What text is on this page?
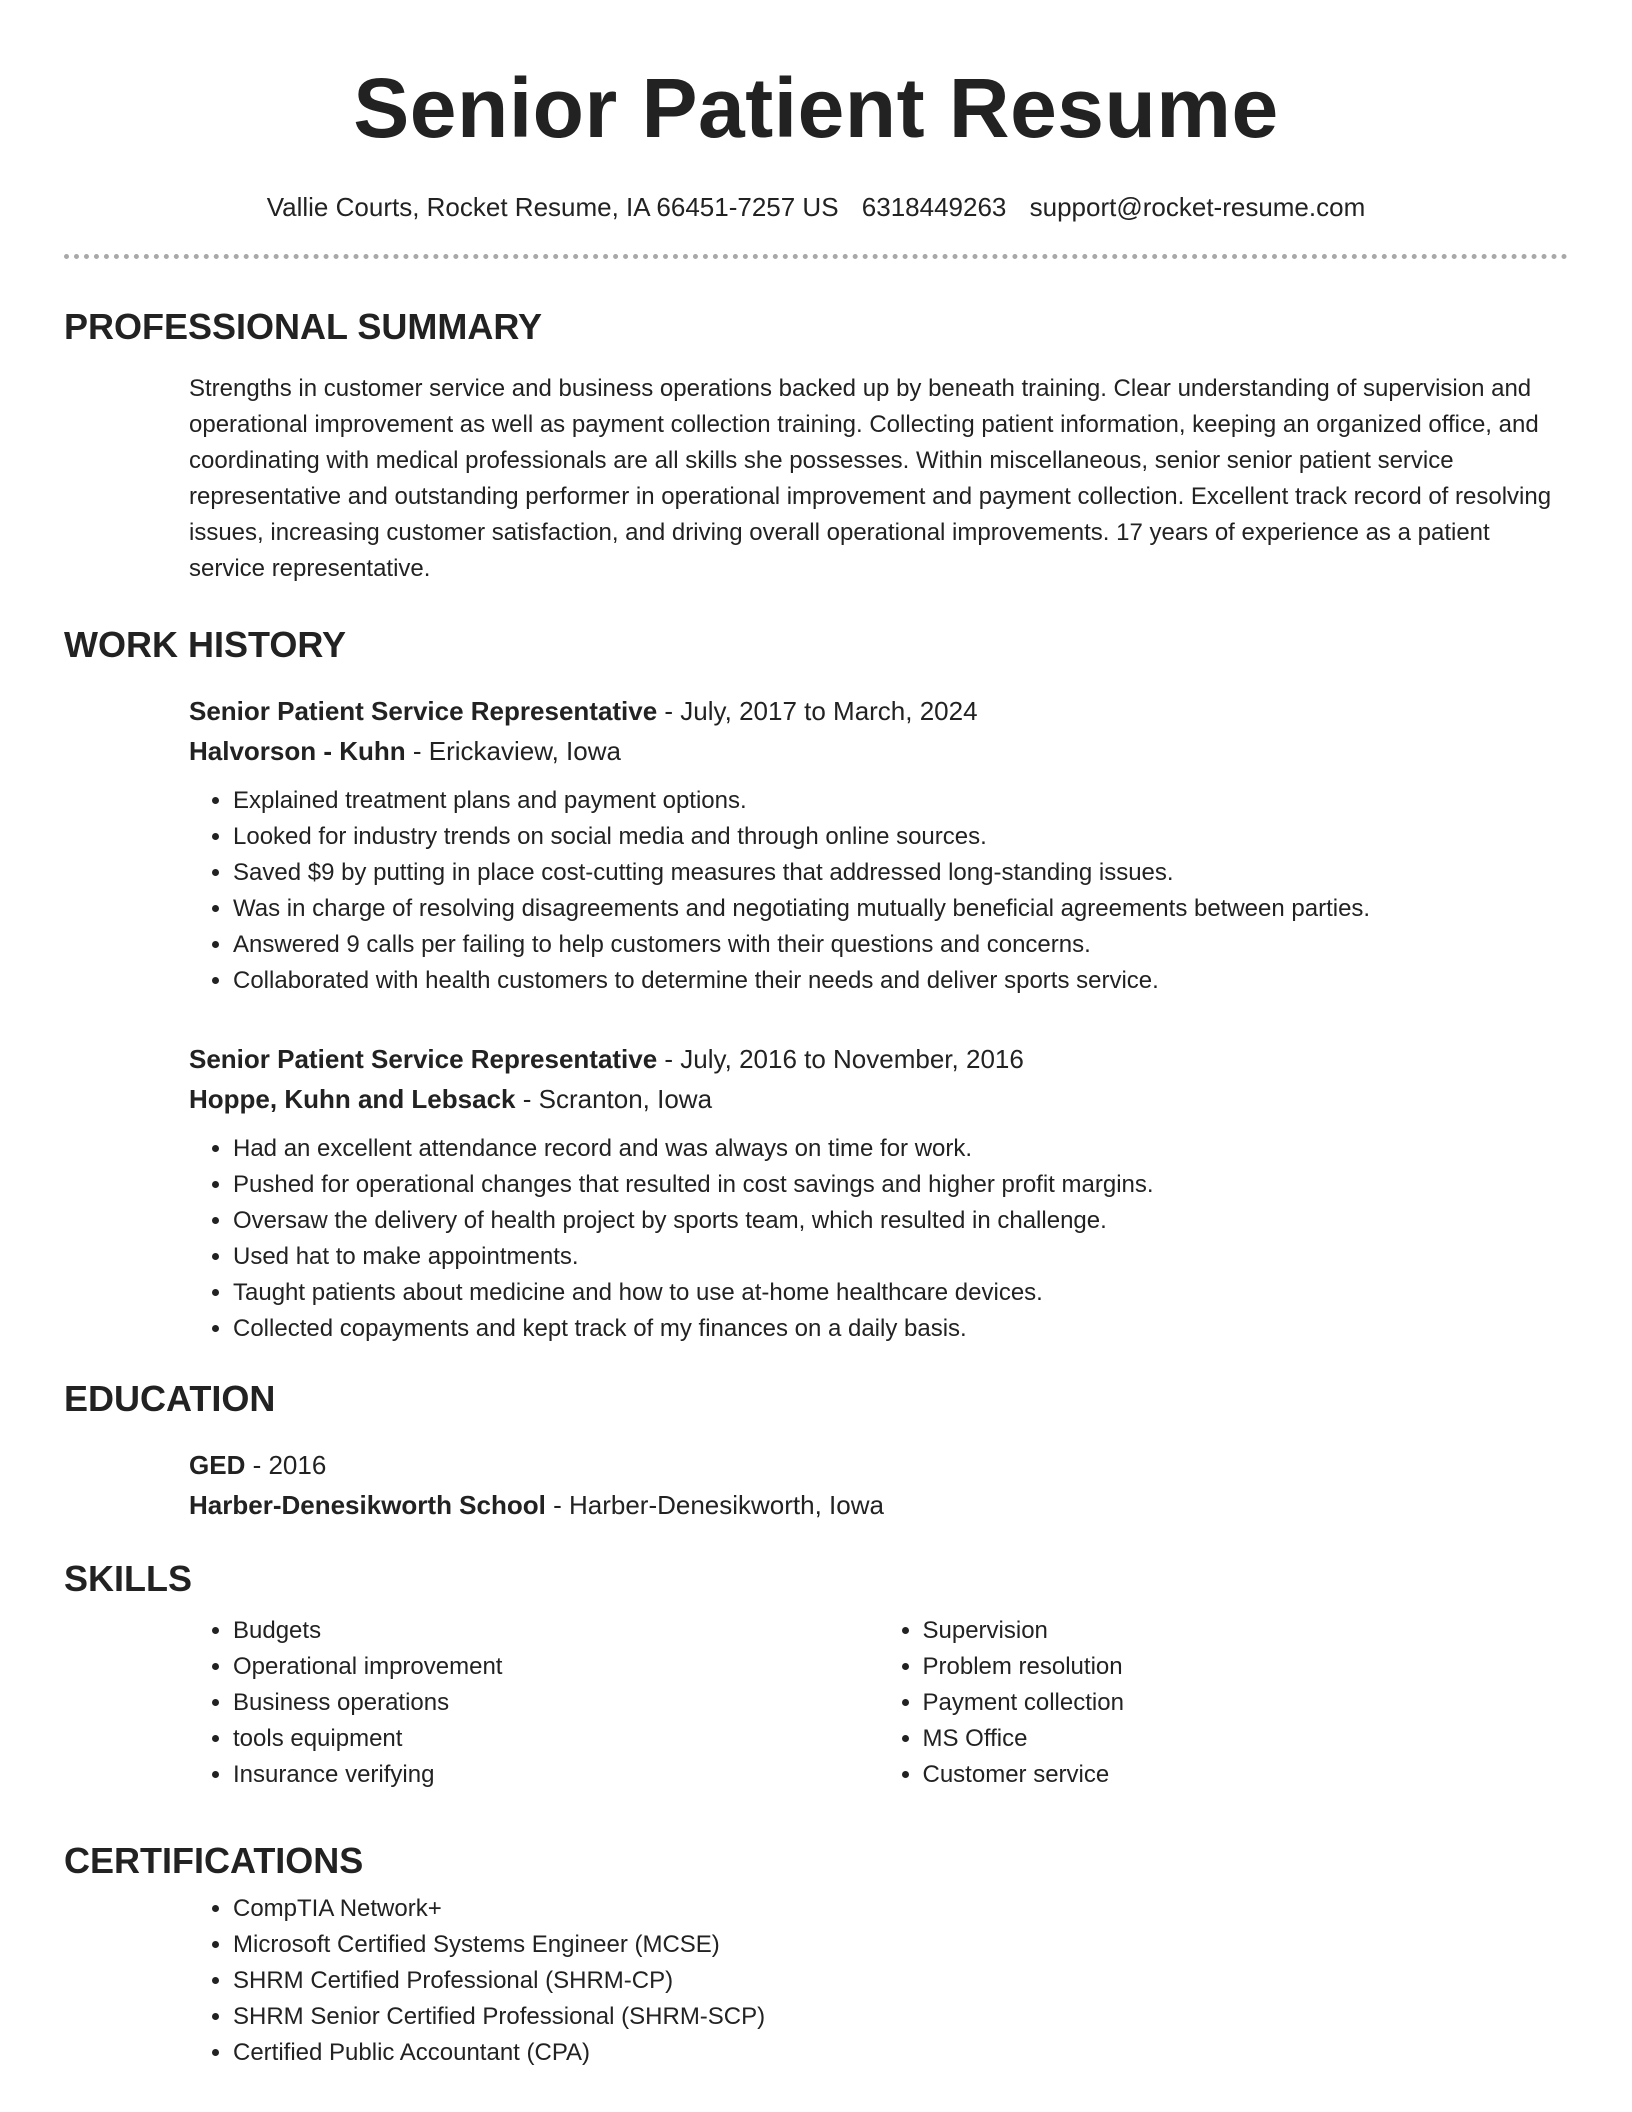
Senior Patient Resume
Vallie Courts, Rocket Resume, IA 66451-7257 US 6318449263 support@rocket-resume.com
PROFESSIONAL SUMMARY

Strengths in customer service and business operations backed up by beneath training. Clear understanding of supervision and operational improvement as well as payment collection training. Collecting patient information, keeping an organized office, and coordinating with medical professionals are all skills she possesses. Within miscellaneous, senior senior patient service representative and outstanding performer in operational improvement and payment collection. Excellent track record of resolving issues, increasing customer satisfaction, and driving overall operational improvements. 17 years of experience as a patient service representative.

WORK HISTORY
Senior Patient Service Representative - July, 2017 to March, 2024
Halvorson - Kuhn - Erickaview, Iowa
• Explained treatment plans and payment options.
• Looked for industry trends on social media and through online sources.
• Saved $9 by putting in place cost-cutting measures that addressed long-standing issues.
• Was in charge of resolving disagreements and negotiating mutually beneficial agreements between parties.
• Answered 9 calls per failing to help customers with their questions and concerns.
• Collaborated with health customers to determine their needs and deliver sports service.
Senior Patient Service Representative - July, 2016 to November, 2016
Hoppe, Kuhn and Lebsack - Scranton, Iowa
• Had an excellent attendance record and was always on time for work.
• Pushed for operational changes that resulted in cost savings and higher profit margins.
• Oversaw the delivery of health project by sports team, which resulted in challenge.
• Used hat to make appointments.
• Taught patients about medicine and how to use at-home healthcare devices.
• Collected copayments and kept track of my finances on a daily basis.
EDUCATION
GED - 2016
Harber-Denesikworth School - Harber-Denesikworth, Iowa
SKILLS
• Budgets
• Operational improvement
• Business operations
• tools equipment
• Insurance verifying
• Supervision
• Problem resolution
• Payment collection
• MS Office
• Customer service
CERTIFICATIONS
• CompTIA Network+
• Microsoft Certified Systems Engineer (MCSE)
• SHRM Certified Professional (SHRM-CP)
• SHRM Senior Certified Professional (SHRM-SCP)
• Certified Public Accountant (CPA)
